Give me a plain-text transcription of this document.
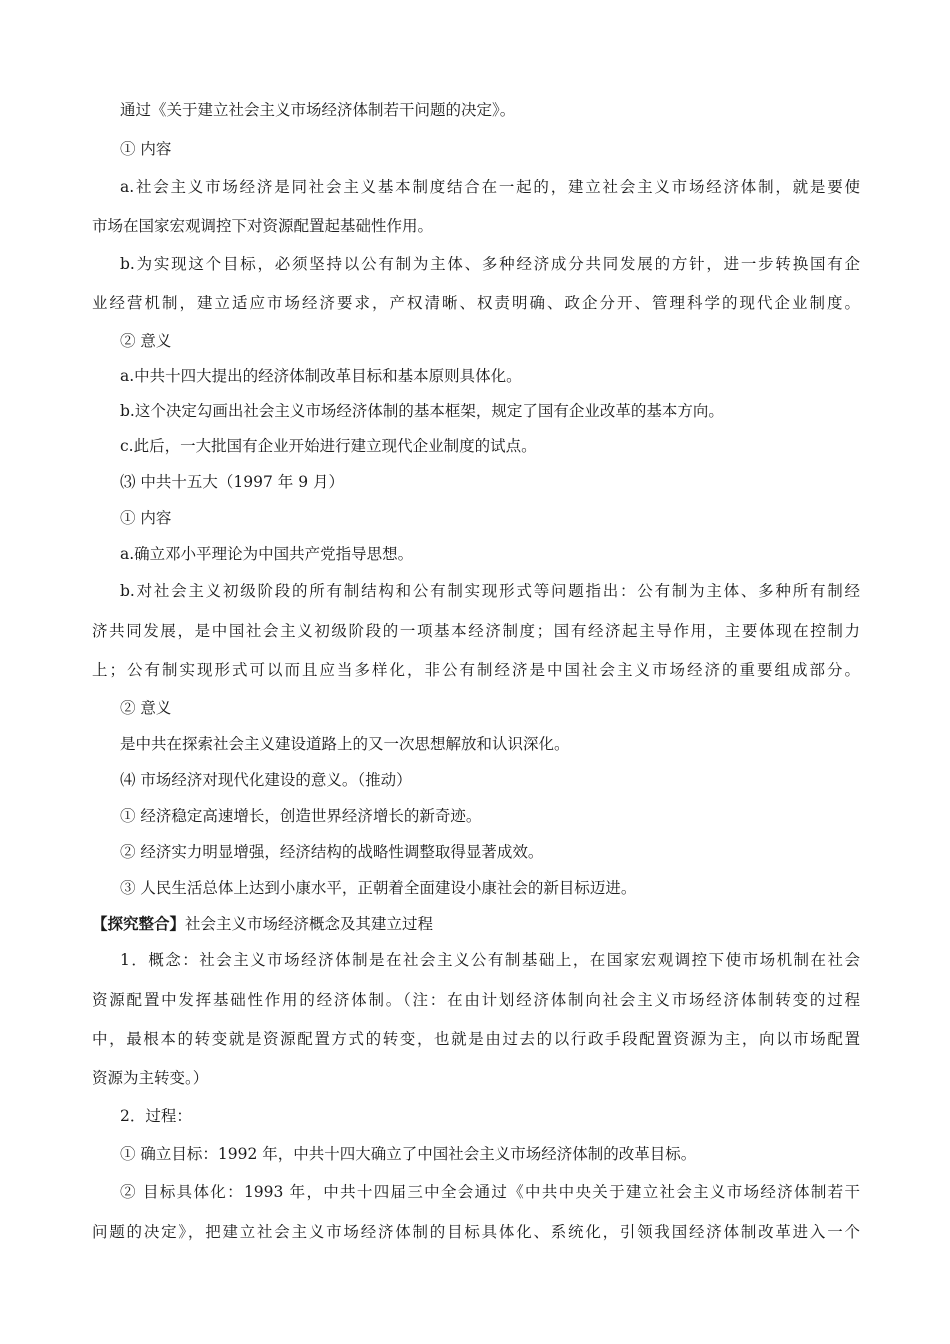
通过《关于建立社会主义市场经济体制若干问题的决定》。

① 内容

a.社会主义市场经济是同社会主义基本制度结合在一起的，建立社会主义市场经济体制，就是要使

市场在国家宏观调控下对资源配置起基础性作用。

b.为实现这个目标，必须坚持以公有制为主体、多种经济成分共同发展的方针，进一步转换国有企

业经营机制，建立适应市场经济要求，产权清晰、权责明确、政企分开、管理科学的现代企业制度。

② 意义

a.中共十四大提出的经济体制改革目标和基本原则具体化。

b.这个决定勾画出社会主义市场经济体制的基本框架，规定了国有企业改革的基本方向。

c.此后，一大批国有企业开始进行建立现代企业制度的试点。

⑶ 中共十五大（1997 年 9 月）

① 内容

a.确立邓小平理论为中国共产党指导思想。

b.对社会主义初级阶段的所有制结构和公有制实现形式等问题指出：公有制为主体、多种所有制经

济共同发展，是中国社会主义初级阶段的一项基本经济制度；国有经济起主导作用，主要体现在控制力

上；公有制实现形式可以而且应当多样化，非公有制经济是中国社会主义市场经济的重要组成部分。

② 意义

是中共在探索社会主义建设道路上的又一次思想解放和认识深化。

⑷ 市场经济对现代化建设的意义。（推动）

① 经济稳定高速增长，创造世界经济增长的新奇迹。

② 经济实力明显增强，经济结构的战略性调整取得显著成效。

③ 人民生活总体上达到小康水平，正朝着全面建设小康社会的新目标迈进。

【探究整合】社会主义市场经济概念及其建立过程

1．概念：社会主义市场经济体制是在社会主义公有制基础上，在国家宏观调控下使市场机制在社会

资源配置中发挥基础性作用的经济体制。（注：在由计划经济体制向社会主义市场经济体制转变的过程

中，最根本的转变就是资源配置方式的转变，也就是由过去的以行政手段配置资源为主，向以市场配置

资源为主转变。）

2．过程：

① 确立目标：1992 年，中共十四大确立了中国社会主义市场经济体制的改革目标。

② 目标具体化：1993 年，中共十四届三中全会通过《中共中央关于建立社会主义市场经济体制若干

问题的决定》，把建立社会主义市场经济体制的目标具体化、系统化，引领我国经济体制改革进入一个
